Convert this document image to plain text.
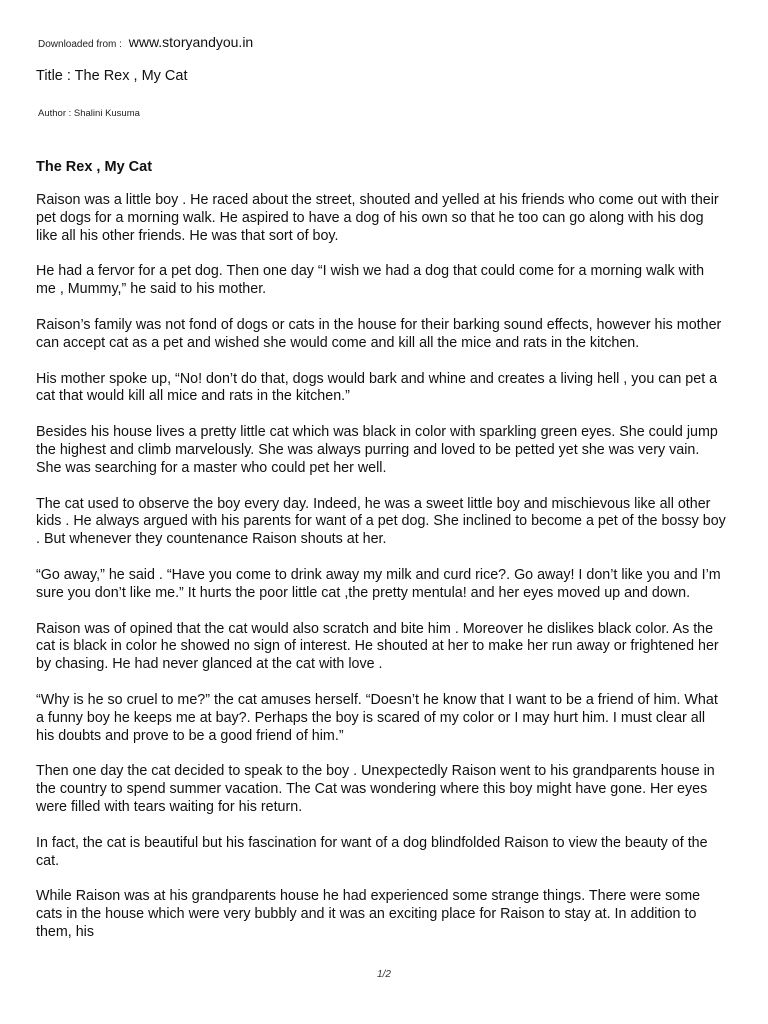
Downloaded from : www.storyandyou.in
Title : The Rex , My Cat
Author : Shalini Kusuma
The Rex , My Cat

Raison was a little boy . He raced about the street, shouted and yelled at his friends who come out with their pet dogs for a morning walk. He aspired to have a dog of his own so that he too can go along with his dog like all his other friends. He was that sort of boy.

He had a fervor for a pet dog. Then one day “I wish we had a dog that could come for a morning walk with me , Mummy,” he said to his mother.

Raison’s family was not fond of dogs or cats in the house for their barking sound effects, however his mother can accept cat as a pet and wished she would come and kill all the mice and rats in the kitchen.

His mother spoke up, “No! don’t do that, dogs would bark and whine and creates a living hell , you can pet a cat that would kill all mice and rats in the kitchen.”

Besides his house lives a pretty little cat which was black in color with sparkling green eyes. She could jump the highest and climb marvelously. She was always purring and loved to be petted yet she was very vain. She was searching for a master who could pet her well.

The cat used to observe the boy every day. Indeed, he was a sweet little boy and mischievous like all other kids . He always argued with his parents for want of a pet dog. She inclined to become a pet of the bossy boy . But whenever they countenance Raison shouts at her.

“Go away,” he said . “Have you come to drink away my milk and curd rice?. Go away! I don’t like you and I’m sure you don’t like me.” It hurts the poor little cat ,the pretty mentula! and her eyes moved up and down.

Raison was of opined that the cat would also scratch and bite him . Moreover he dislikes black color. As the cat is black in color he showed no sign of interest. He shouted at her to make her run away or frightened her by chasing. He had never glanced at the cat with love .

“Why is he so cruel to me?” the cat amuses herself. “Doesn’t he know that I want to be a friend of him. What a funny boy he keeps me at bay?. Perhaps the boy is scared of my color or I may hurt him. I must clear all his doubts and prove to be a good friend of him.”

Then one day the cat decided to speak to the boy . Unexpectedly Raison went to his grandparents house in the country to spend summer vacation. The Cat was wondering where this boy might have gone. Her eyes were filled with tears waiting for his return.

In fact, the cat is beautiful but his fascination for want of a dog blindfolded Raison to view the beauty of the cat.

While Raison was at his grandparents house he had experienced some strange things. There were some cats in the house which were very bubbly and it was an exciting place for Raison to stay at. In addition to them, his

1/2
